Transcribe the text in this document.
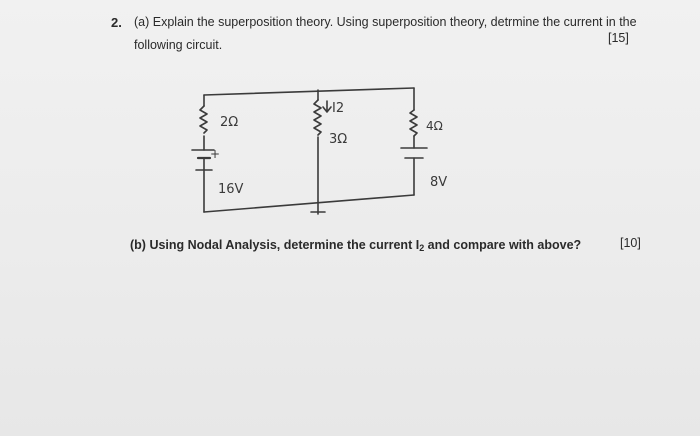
2. (a) Explain the superposition theory. Using superposition theory, detrmine the current in the
following circuit.	[15]
2Ω
+
16V
I2
3Ω
4Ω
8V
(b) Using Nodal Analysis, determine the current $I_2$ and compare with above?	[10]
